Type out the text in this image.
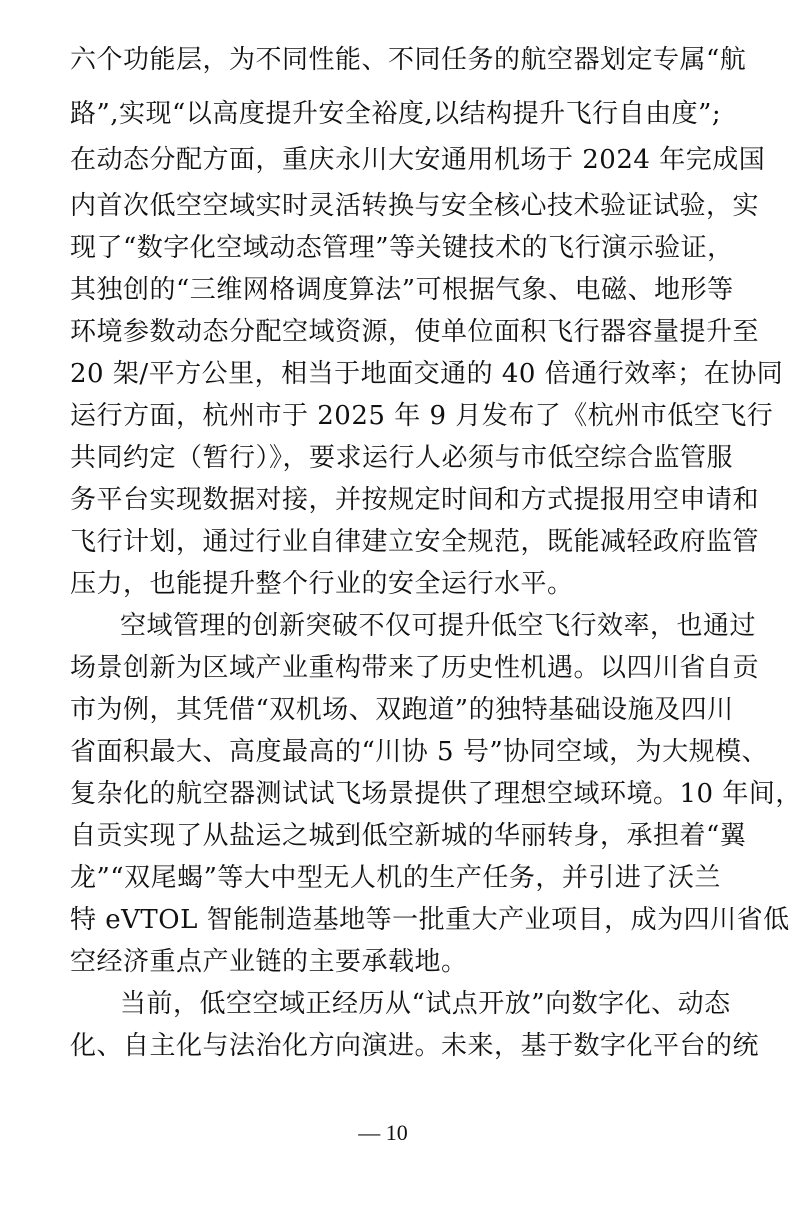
六个功能层，为不同性能、不同任务的航空器划定专属“航
路”,实现“以高度提升安全裕度,以结构提升飞行自由度”;
在动态分配方面，重庆永川大安通用机场于 2024 年完成国
内首次低空空域实时灵活转换与安全核心技术验证试验，实
现了“数字化空域动态管理”等关键技术的飞行演示验证，
其独创的“三维网格调度算法”可根据气象、电磁、地形等
环境参数动态分配空域资源，使单位面积飞行器容量提升至
20 架/平方公里，相当于地面交通的 40 倍通行效率；在协同
运行方面，杭州市于 2025 年 9 月发布了《杭州市低空飞行
共同约定（暂行）》，要求运行人必须与市低空综合监管服
务平台实现数据对接，并按规定时间和方式提报用空申请和
飞行计划，通过行业自律建立安全规范，既能减轻政府监管
压力，也能提升整个行业的安全运行水平。
空域管理的创新突破不仅可提升低空飞行效率，也通过
场景创新为区域产业重构带来了历史性机遇。以四川省自贡
市为例，其凭借“双机场、双跑道”的独特基础设施及四川
省面积最大、高度最高的“川协 5 号”协同空域，为大规模、
复杂化的航空器测试试飞场景提供了理想空域环境。10 年间，
自贡实现了从盐运之城到低空新城的华丽转身，承担着“翼
龙”“双尾蝎”等大中型无人机的生产任务，并引进了沃兰
特 eVTOL 智能制造基地等一批重大产业项目，成为四川省低
空经济重点产业链的主要承载地。
当前，低空空域正经历从“试点开放”向数字化、动态
化、自主化与法治化方向演进。未来，基于数字化平台的统
— 10
